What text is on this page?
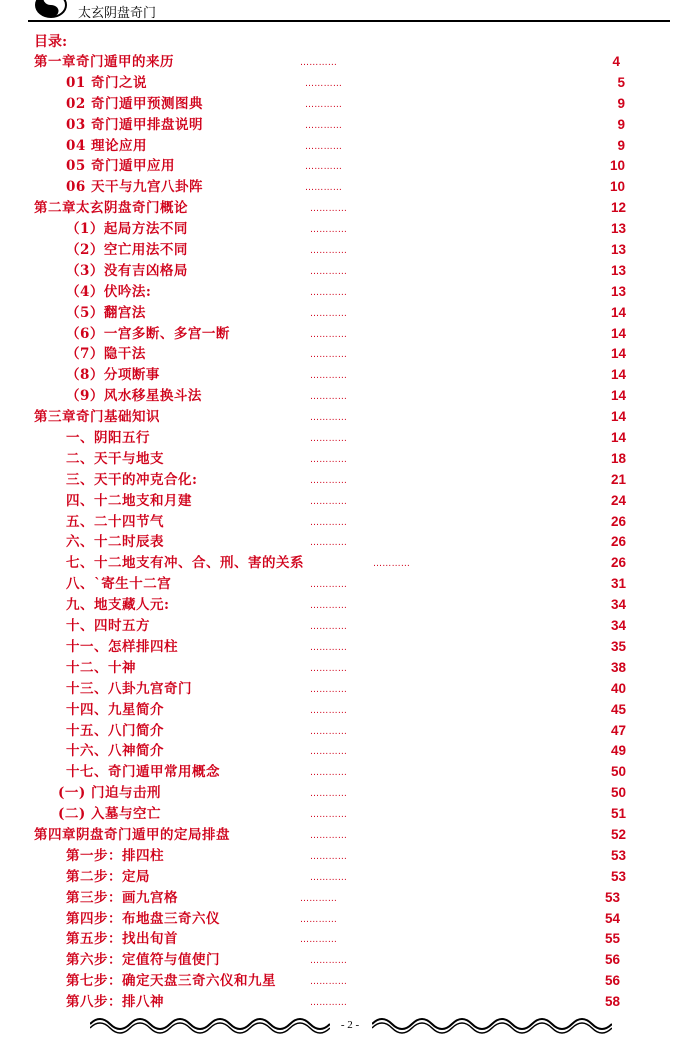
太玄阴盘奇门
目录:
第一章奇门遁甲的来历	…………	4
01 奇门之说	…………	5
02 奇门遁甲预测图典	…………	9
03 奇门遁甲排盘说明	…………	9
04 理论应用	…………	9
05 奇门遁甲应用	…………	10
06 天干与九宫八卦阵	…………	10
第二章太玄阴盘奇门概论	…………	12
（1）起局方法不同	…………	13
（2）空亡用法不同	…………	13
（3）没有吉凶格局	…………	13
（4）伏吟法:	…………	13
（5）翻宫法	…………	14
（6）一宫多断、多宫一断	…………	14
（7）隐干法	…………	14
（8）分项断事	…………	14
（9）风水移星换斗法	…………	14
第三章奇门基础知识	…………	14
一、阴阳五行	…………	14
二、天干与地支	…………	18
三、天干的冲克合化:	…………	21
四、十二地支和月建	…………	24
五、二十四节气	…………	26
六、十二时辰表	…………	26
七、十二地支有冲、合、刑、害的关系	…………	26
八、`寄生十二宫	…………	31
九、地支藏人元:	…………	34
十、四时五方	…………	34
十一、怎样排四柱	…………	35
十二、十神	…………	38
十三、八卦九宫奇门	…………	40
十四、九星简介	…………	45
十五、八门简介	…………	47
十六、八神简介	…………	49
十七、奇门遁甲常用概念	…………	50
(一) 门迫与击刑	…………	50
(二) 入墓与空亡	…………	51
第四章阴盘奇门遁甲的定局排盘	…………	52
第一步：排四柱	…………	53
第二步：定局	…………	53
第三步：画九宫格	…………	53
第四步：布地盘三奇六仪	…………	54
第五步：找出旬首	…………	55
第六步：定值符与值使门	…………	56
第七步：确定天盘三奇六仪和九星	…………	56
第八步：排八神	…………	58
- 2 -
